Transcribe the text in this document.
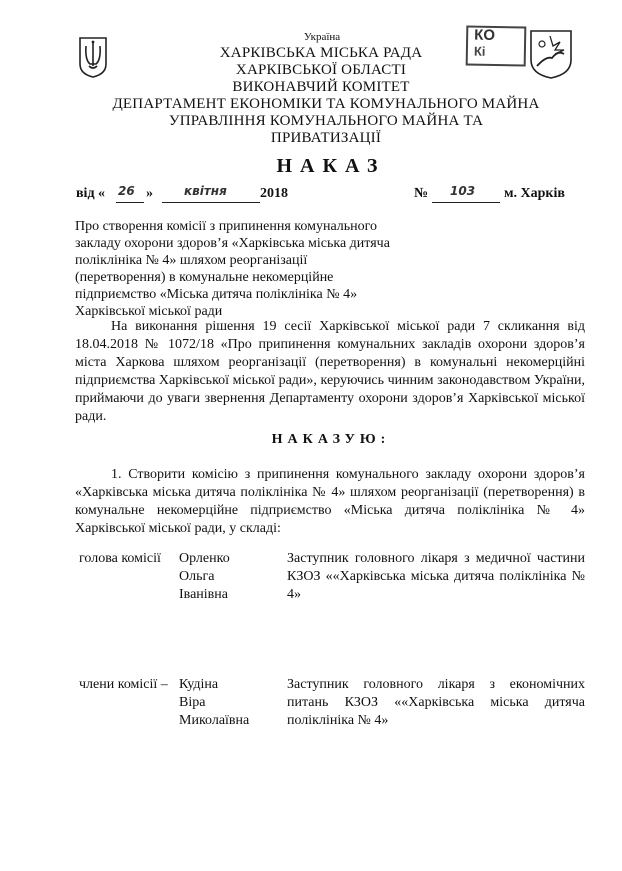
КО
Кі
Україна
ХАРКІВСЬКА МІСЬКА РАДА
ХАРКІВСЬКОЇ ОБЛАСТІ
ВИКОНАВЧИЙ КОМІТЕТ
ДЕПАРТАМЕНТ ЕКОНОМІКИ ТА КОМУНАЛЬНОГО МАЙНА
УПРАВЛІННЯ КОМУНАЛЬНОГО МАЙНА ТА
ПРИВАТИЗАЦІЇ
НАКАЗ
від « 26 »	квітня 2018	№ 103 м. Харків
Про створення комісії з припинення комунального закладу охорони здоров’я «Харківська міська дитяча поліклініка № 4» шляхом реорганізації (перетворення) в комунальне некомерційне підприємство «Міська дитяча поліклініка № 4» Харківської міської ради
На виконання рішення 19 сесії Харківської міської ради 7 скликання від 18.04.2018 № 1072/18 «Про припинення комунальних закладів охорони здоров’я міста Харкова шляхом реорганізації (перетворення) в комунальні некомерційні підприємства Харківської міської ради», керуючись чинним законодавством України, приймаючи до уваги звернення Департаменту охорони здоров’я Харківської міської ради.
НАКАЗУЮ:
1. Створити комісію з припинення комунального закладу охорони здоров’я «Харківська міська дитяча поліклініка № 4» шляхом реорганізації (перетворення) в комунальне некомерційне підприємство «Міська дитяча поліклініка № 4» Харківської міської ради, у складі:
голова комісії Орленко
Ольга
Іванівна
Заступник головного лікаря з медичної частини КЗОЗ ««Харківська міська дитяча поліклініка № 4»
члени комісії – Кудіна
Віра
Миколаївна
Заступник головного лікаря з економічних питань КЗОЗ ««Харківська міська дитяча поліклініка № 4»
